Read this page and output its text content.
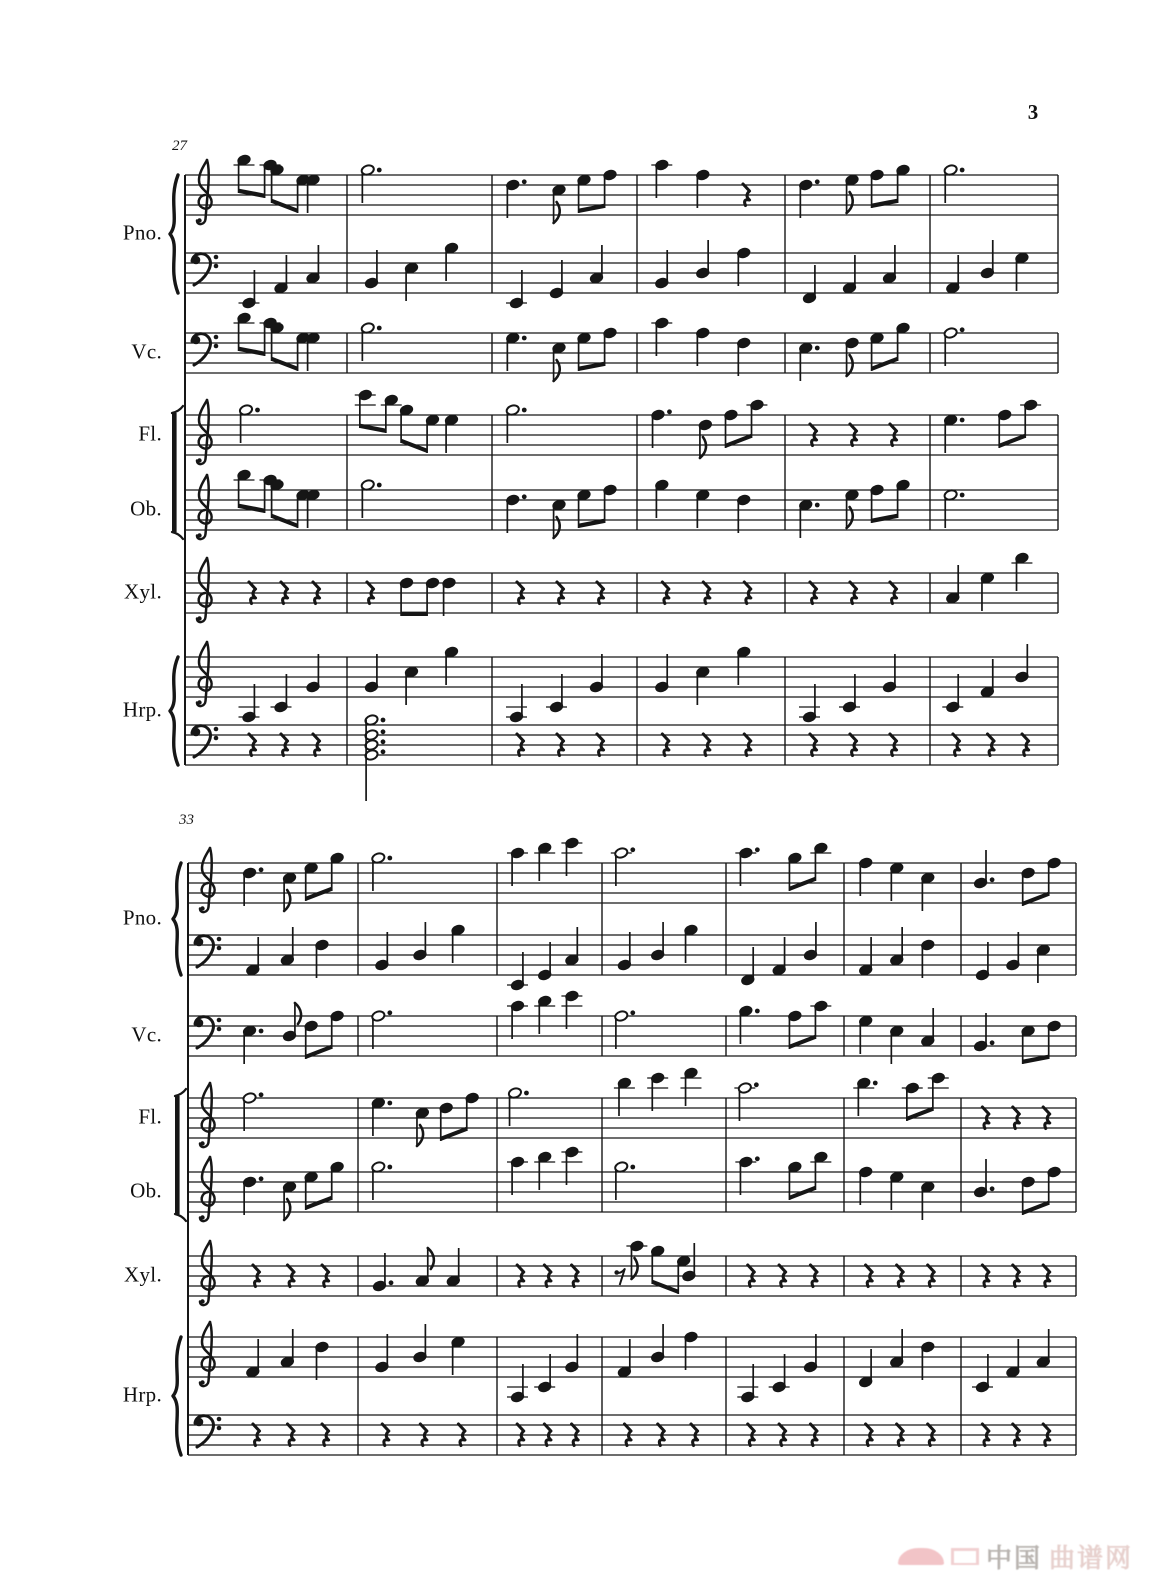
3
Pno.
Vc.
Fl.
Ob.
Xyl.
Hrp.
27
Pno.
Vc.
Fl.
Ob.
Xyl.
Hrp.
33
中国 曲谱网
